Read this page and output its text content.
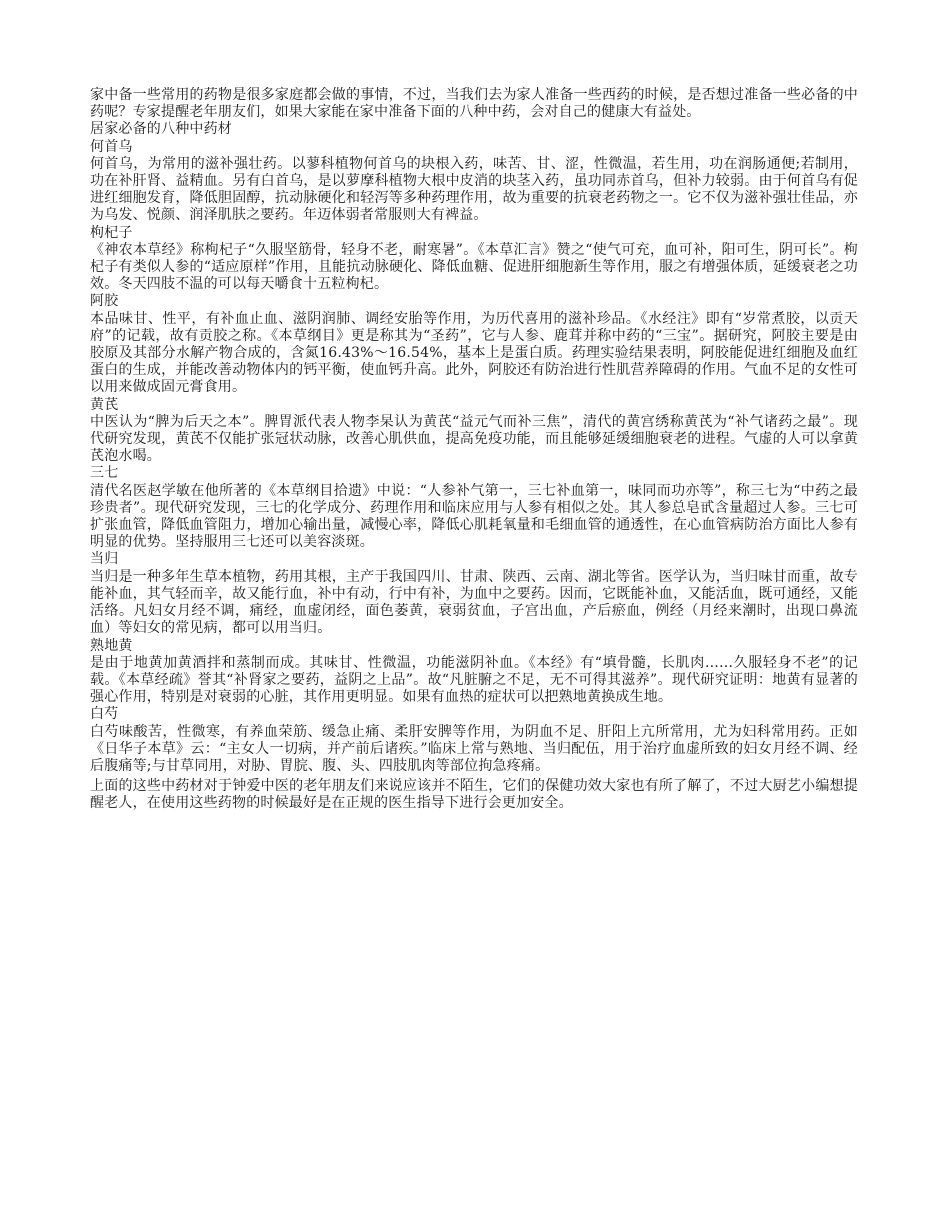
家中备一些常用的药物是很多家庭都会做的事情，不过，当我们去为家人准备一些西药的时候，是否想过准备一些必备的中药呢？专家提醒老年朋友们，如果大家能在家中准备下面的八种中药，会对自己的健康大有益处。

居家必备的八种中药材

何首乌

何首乌，为常用的滋补强壮药。以蓼科植物何首乌的块根入药，味苦、甘、涩，性微温，若生用，功在润肠通便;若制用，功在补肝肾、益精血。另有白首乌，是以萝摩科植物大根中皮消的块茎入药，虽功同赤首乌，但补力较弱。由于何首乌有促进红细胞发育，降低胆固醇，抗动脉硬化和轻泻等多种药理作用，故为重要的抗衰老药物之一。它不仅为滋补强壮佳品，亦为乌发、悦颜、润泽肌肤之要药。年迈体弱者常服则大有裨益。

枸杞子

《神农本草经》称枸杞子“久服坚筋骨，轻身不老，耐寒暑”。《本草汇言》赞之“使气可充，血可补，阳可生，阴可长”。枸杞子有类似人参的“适应原样”作用，且能抗动脉硬化、降低血糖、促进肝细胞新生等作用，服之有增强体质，延缓衰老之功效。冬天四肢不温的可以每天嚼食十五粒枸杞。

阿胶

本品味甘、性平，有补血止血、滋阴润肺、调经安胎等作用，为历代喜用的滋补珍品。《水经注》即有“岁常煮胶，以贡天府”的记载，故有贡胶之称。《本草纲目》更是称其为“圣药”，它与人参、鹿茸并称中药的“三宝”。据研究，阿胶主要是由胶原及其部分水解产物合成的，含氮16.43%～16.54%，基本上是蛋白质。药理实验结果表明，阿胶能促进红细胞及血红蛋白的生成，并能改善动物体内的钙平衡，使血钙升高。此外，阿胶还有防治进行性肌营养障碍的作用。气血不足的女性可以用来做成固元膏食用。

黄芪

中医认为“脾为后天之本”。脾胃派代表人物李杲认为黄芪“益元气而补三焦”，清代的黄宫绣称黄芪为“补气诸药之最”。现代研究发现，黄芪不仅能扩张冠状动脉，改善心肌供血，提高免疫功能，而且能够延缓细胞衰老的进程。气虚的人可以拿黄芪泡水喝。

三七

清代名医赵学敏在他所著的《本草纲目拾遗》中说：“人参补气第一，三七补血第一，味同而功亦等”，称三七为“中药之最珍贵者”。现代研究发现，三七的化学成分、药理作用和临床应用与人参有相似之处。其人参总皂甙含量超过人参。三七可扩张血管，降低血管阻力，增加心输出量，减慢心率，降低心肌耗氧量和毛细血管的通透性，在心血管病防治方面比人参有明显的优势。坚持服用三七还可以美容淡斑。

当归

当归是一种多年生草本植物，药用其根，主产于我国四川、甘肃、陕西、云南、湖北等省。医学认为，当归味甘而重，故专能补血，其气轻而辛，故又能行血，补中有动，行中有补，为血中之要药。因而，它既能补血，又能活血，既可通经，又能活络。凡妇女月经不调，痛经，血虚闭经，面色萎黄，衰弱贫血，子宫出血，产后瘀血，例经（月经来潮时，出现口鼻流血）等妇女的常见病，都可以用当归。

熟地黄

是由于地黄加黄酒拌和蒸制而成。其味甘、性微温，功能滋阴补血。《本经》有“填骨髓，长肌肉……久服轻身不老”的记载。《本草经疏》誉其“补肾家之要药，益阴之上品”。故“凡脏腑之不足，无不可得其滋养”。现代研究证明：地黄有显著的强心作用，特别是对衰弱的心脏，其作用更明显。如果有血热的症状可以把熟地黄换成生地。

白芍

白芍味酸苦，性微寒，有养血荣筋、缓急止痛、柔肝安脾等作用，为阴血不足、肝阳上亢所常用，尤为妇科常用药。正如《日华子本草》云：“主女人一切病，并产前后诸疾。”临床上常与熟地、当归配伍，用于治疗血虚所致的妇女月经不调、经后腹痛等;与甘草同用，对胁、胃脘、腹、头、四肢肌肉等部位拘急疼痛。

上面的这些中药材对于钟爱中医的老年朋友们来说应该并不陌生，它们的保健功效大家也有所了解了，不过大厨艺小编想提醒老人，在使用这些药物的时候最好是在正规的医生指导下进行会更加安全。
